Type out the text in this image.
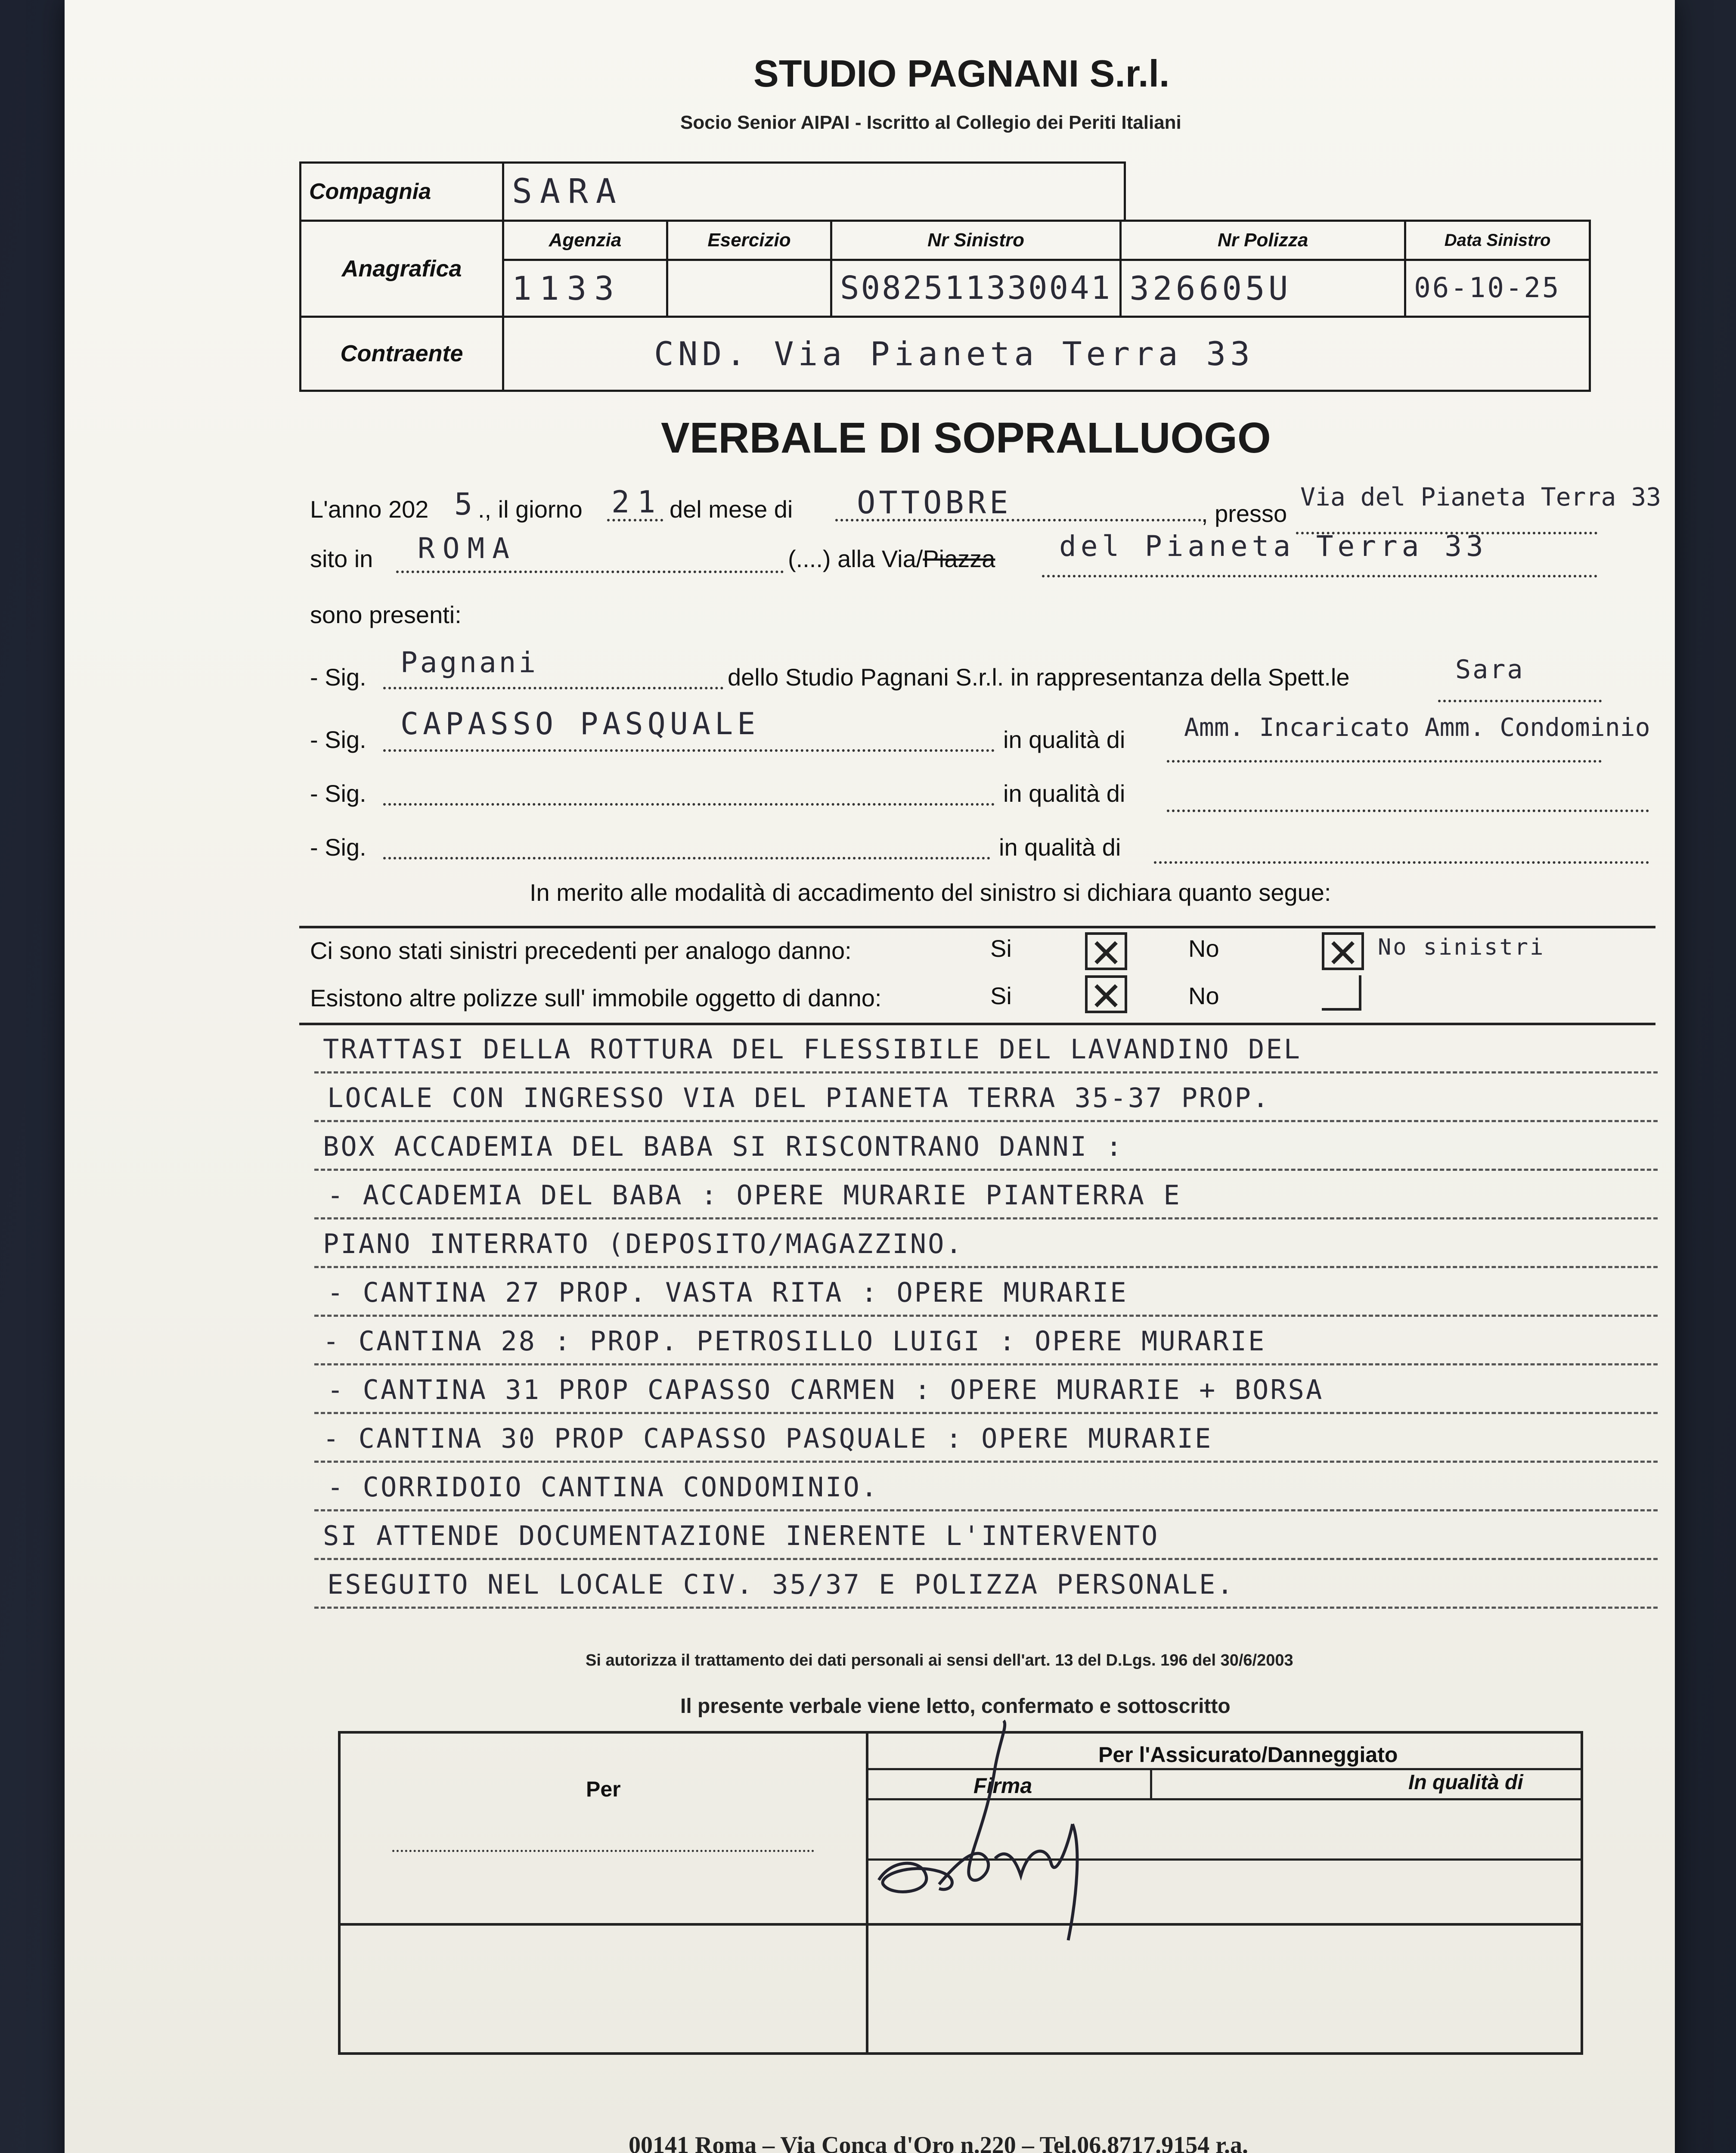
STUDIO PAGNANI S.r.l.
Socio Senior AIPAI - Iscritto al Collegio dei Periti Italiani
Compagnia	SARA
Anagrafica	Agenzia	Esercizio	Nr Sinistro	Nr Polizza	Data Sinistro
	1133		S082511330041	326605U	06-10-25
Contraente	CND. Via Pianeta Terra 33				
VERBALE DI SOPRALLUOGO
L'anno 202 5
., il giorno 21 del mese di OTTOBRE	, presso
Via del Pianeta Terra 33
sito in ROMA	(....) alla Via/Piazza del Pianeta Terra 33
sono presenti:
- Sig. Pagnani	dello Studio Pagnani S.r.l. in rappresentanza della Spett.le	Sara
- Sig. CAPASSO PASQUALE	in qualità di Amm. Incaricato Amm. Condominio
- Sig.	in qualità di
- Sig.	in qualità di
In merito alle modalità di accadimento del sinistro si dichiara quanto segue:
Ci sono stati sinistri precedenti per analogo danno:	Si ✕	No	✕ No sinistri
Esistono altre polizze sull' immobile oggetto di danno:	Si ✕	No
TRATTASI DELLA ROTTURA DEL FLESSIBILE DEL LAVANDINO DEL
LOCALE CON INGRESSO VIA DEL PIANETA TERRA 35-37 PROP.
BOX ACCADEMIA DEL BABA SI RISCONTRANO DANNI :
- ACCADEMIA DEL BABA : OPERE MURARIE PIANTERRA E
PIANO INTERRATO (DEPOSITO/MAGAZZINO.
- CANTINA 27 PROP. VASTA RITA : OPERE MURARIE
- CANTINA 28 : PROP. PETROSILLO LUIGI : OPERE MURARIE
- CANTINA 31 PROP CAPASSO CARMEN : OPERE MURARIE + BORSA
- CANTINA 30 PROP CAPASSO PASQUALE : OPERE MURARIE
- CORRIDOIO CANTINA CONDOMINIO.
SI ATTENDE DOCUMENTAZIONE INERENTE L'INTERVENTO
ESEGUITO NEL LOCALE CIV. 35/37 E POLIZZA PERSONALE.
Si autorizza il trattamento dei dati personali ai sensi dell'art. 13 del D.Lgs. 196 del 30/6/2003
Il presente verbale viene letto, confermato e sottoscritto
Per
Per l'Assicurato/Danneggiato
Firma	In qualità di
00141 Roma – Via Conca d'Oro n.220 – Tel.06.8717.9154 r.a.
